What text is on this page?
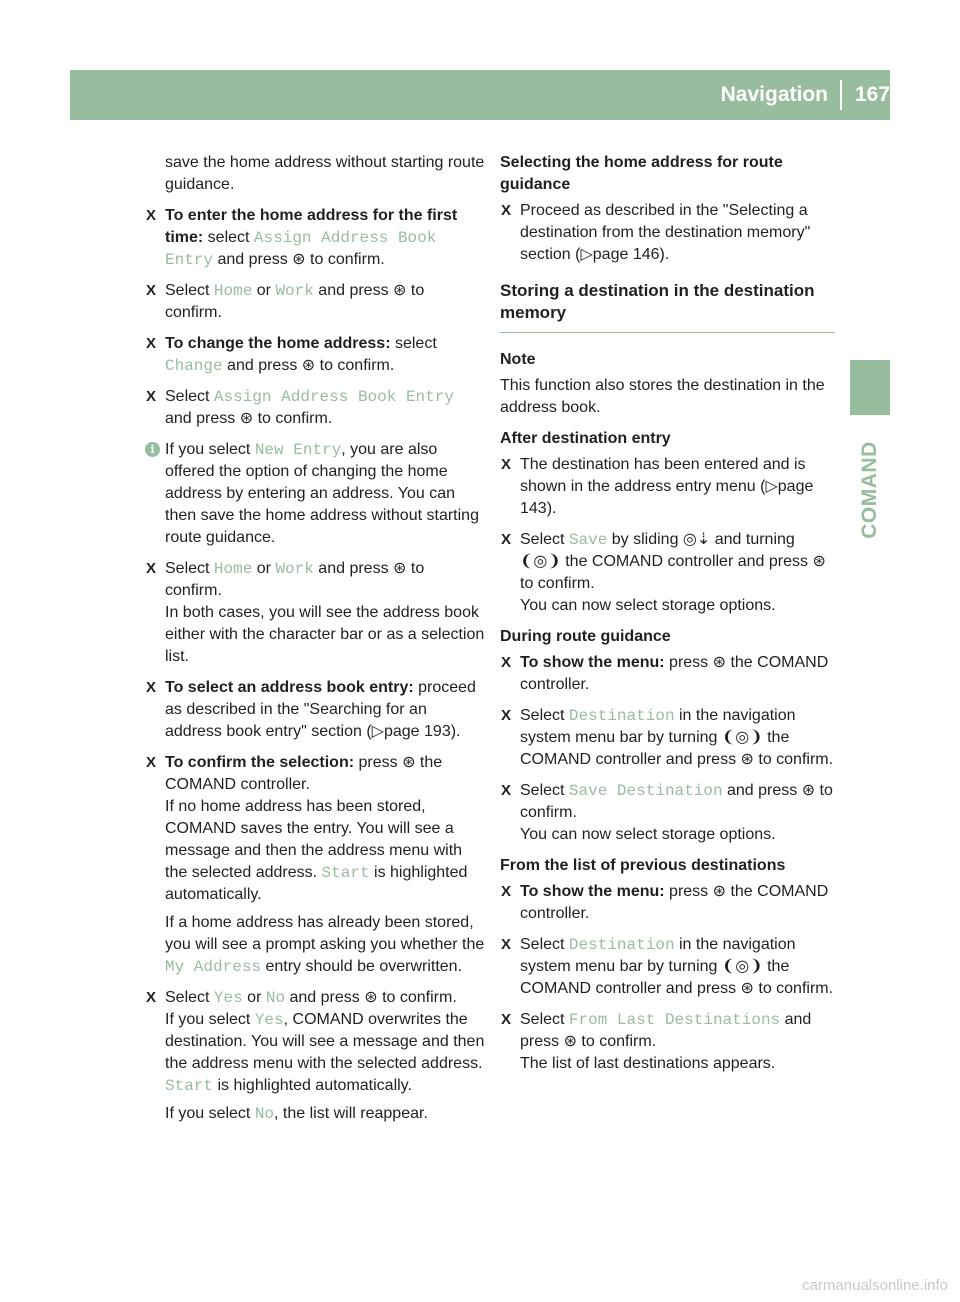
Navigation 167
COMAND

save the home address without starting route guidance.

X To enter the home address for the first time: select Assign Address Book Entry and press ⊛ to confirm.
X Select Home or Work and press ⊛ to confirm.
X To change the home address: select Change and press ⊛ to confirm.
X Select Assign Address Book Entry and press ⊛ to confirm.
i If you select New Entry, you are also offered the option of changing the home address by entering an address. You can then save the home address without starting route guidance.
X Select Home or Work and press ⊛ to confirm.

In both cases, you will see the address book either with the character bar or as a selection list.

X To select an address book entry: proceed as described in the "Searching for an address book entry" section (▷page 193).
X To confirm the selection: press ⊛ the COMAND controller.

If no home address has been stored, COMAND saves the entry. You will see a message and then the address menu with the selected address. Start is highlighted automatically.

If a home address has already been stored, you will see a prompt asking you whether the My Address entry should be overwritten.

X Select Yes or No and press ⊛ to confirm.

If you select Yes, COMAND overwrites the destination. You will see a message and then the address menu with the selected address. Start is highlighted automatically.

If you select No, the list will reappear.

Selecting the home address for route guidance

X Proceed as described in the "Selecting a destination from the destination memory" section (▷page 146).

Storing a destination in the destination memory

Note

This function also stores the destination in the address book.

After destination entry

X The destination has been entered and is shown in the address entry menu (▷page 143).
X Select Save by sliding ◎⇣ and turning ❨◎❩ the COMAND controller and press ⊛ to confirm.

You can now select storage options.

During route guidance

X To show the menu: press ⊛ the COMAND controller.
X Select Destination in the navigation system menu bar by turning ❨◎❩ the COMAND controller and press ⊛ to confirm.
X Select Save Destination and press ⊛ to confirm.

You can now select storage options.

From the list of previous destinations

X To show the menu: press ⊛ the COMAND controller.
X Select Destination in the navigation system menu bar by turning ❨◎❩ the COMAND controller and press ⊛ to confirm.
X Select From Last Destinations and press ⊛ to confirm.

The list of last destinations appears.

carmanualsonline.info
